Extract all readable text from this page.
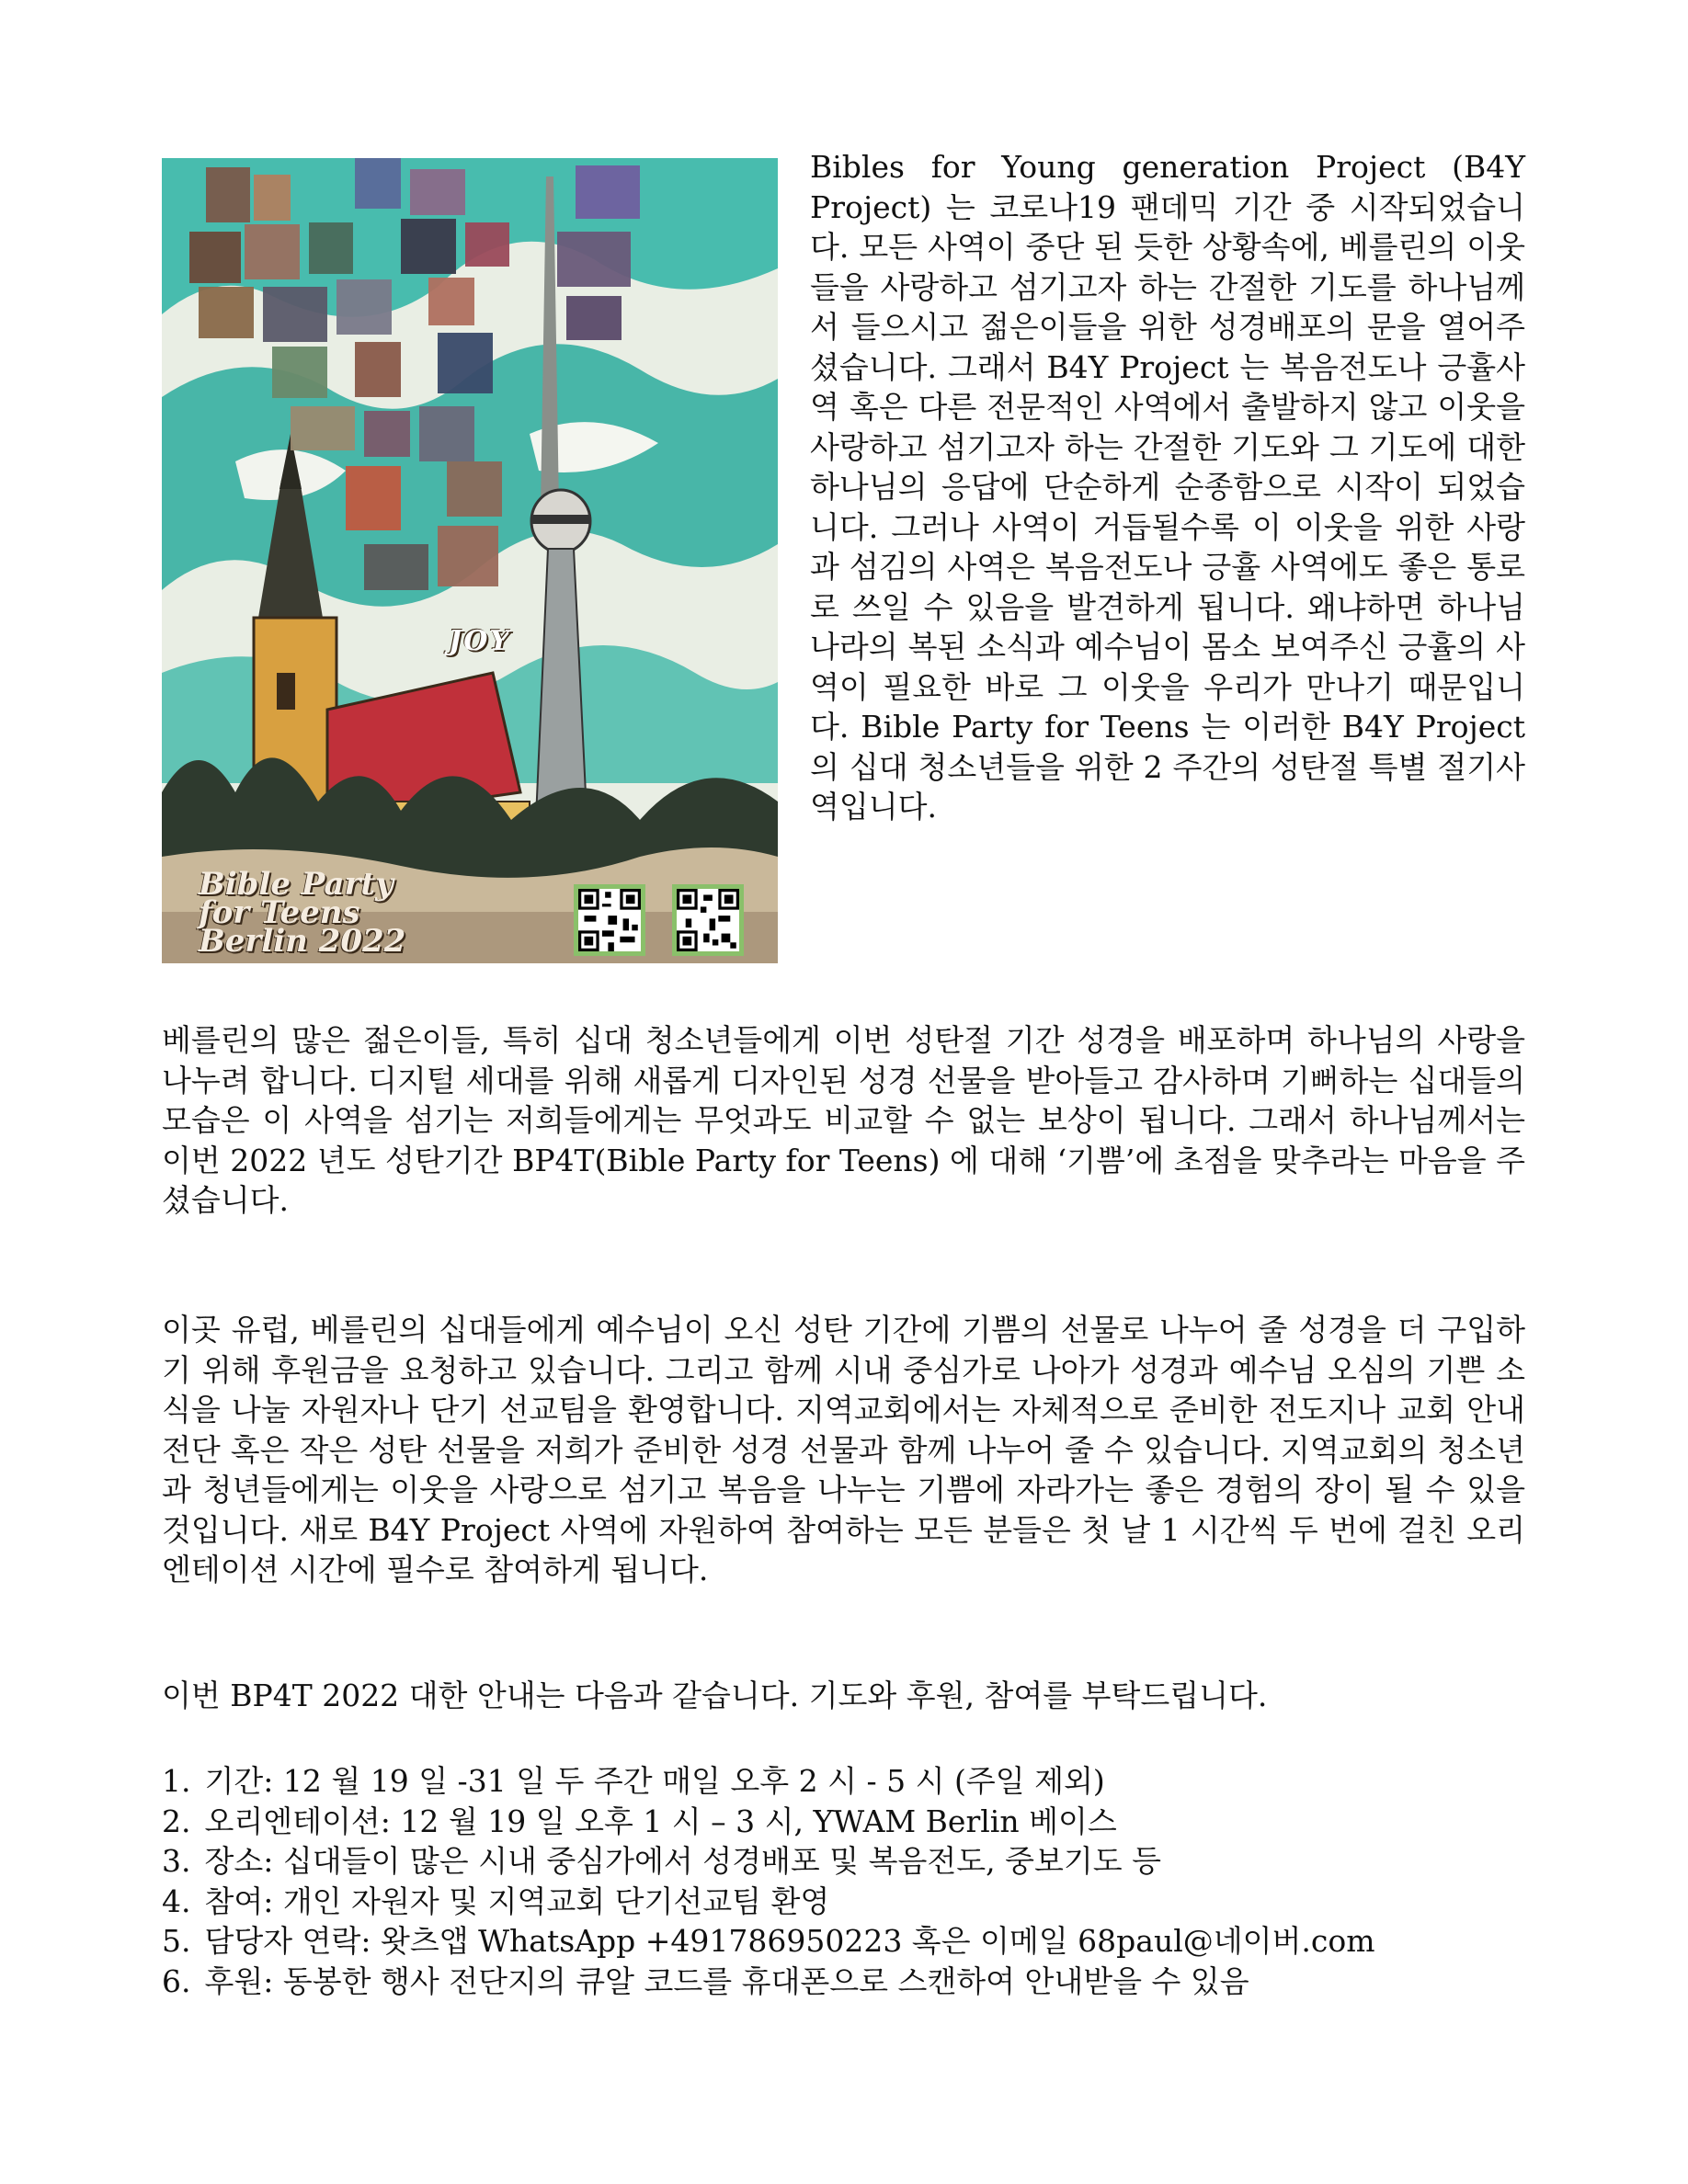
JOY
Bible Party
for Teens
Berlin 2022
Bibles for Young generation Project (B4Y Project) 는 코로나19 팬데믹 기간 중 시작되었습니다. 모든 사역이 중단 된 듯한 상황속에, 베를린의 이웃들을 사랑하고 섬기고자 하는 간절한 기도를 하나님께서 들으시고 젊은이들을 위한 성경배포의 문을 열어주셨습니다. 그래서 B4Y Project 는 복음전도나 긍휼사역 혹은 다른 전문적인 사역에서 출발하지 않고 이웃을 사랑하고 섬기고자 하는 간절한 기도와 그 기도에 대한 하나님의 응답에 단순하게 순종함으로 시작이 되었습니다. 그러나 사역이 거듭될수록 이 이웃을 위한 사랑과 섬김의 사역은 복음전도나 긍휼 사역에도 좋은 통로로 쓰일 수 있음을 발견하게 됩니다. 왜냐하면 하나님나라의 복된 소식과 예수님이 몸소 보여주신 긍휼의 사역이 필요한 바로 그 이웃을 우리가 만나기 때문입니다. Bible Party for Teens 는 이러한 B4Y Project 의 십대 청소년들을 위한 2 주간의 성탄절 특별 절기사역입니다.
베를린의 많은 젊은이들, 특히 십대 청소년들에게 이번 성탄절 기간 성경을 배포하며 하나님의 사랑을 나누려 합니다. 디지털 세대를 위해 새롭게 디자인된 성경 선물을 받아들고 감사하며 기뻐하는 십대들의 모습은 이 사역을 섬기는 저희들에게는 무엇과도 비교할 수 없는 보상이 됩니다. 그래서 하나님께서는 이번 2022 년도 성탄기간 BP4T(Bible Party for Teens) 에 대해 ‘기쁨’에 초점을 맞추라는 마음을 주셨습니다.
이곳 유럽, 베를린의 십대들에게 예수님이 오신 성탄 기간에 기쁨의 선물로 나누어 줄 성경을 더 구입하기 위해 후원금을 요청하고 있습니다. 그리고 함께 시내 중심가로 나아가 성경과 예수님 오심의 기쁜 소식을 나눌 자원자나 단기 선교팀을 환영합니다. 지역교회에서는 자체적으로 준비한 전도지나 교회 안내 전단 혹은 작은 성탄 선물을 저희가 준비한 성경 선물과 함께 나누어 줄 수 있습니다. 지역교회의 청소년과 청년들에게는 이웃을 사랑으로 섬기고 복음을 나누는 기쁨에 자라가는 좋은 경험의 장이 될 수 있을 것입니다. 새로 B4Y Project 사역에 자원하여 참여하는 모든 분들은 첫 날 1 시간씩 두 번에 걸친 오리엔테이션 시간에 필수로 참여하게 됩니다.
이번 BP4T 2022 대한 안내는 다음과 같습니다. 기도와 후원, 참여를 부탁드립니다.
1. 기간: 12 월 19 일 -31 일 두 주간 매일 오후 2 시 - 5 시 (주일 제외)
2. 오리엔테이션: 12 월 19 일 오후 1 시 – 3 시, YWAM Berlin 베이스
3. 장소: 십대들이 많은 시내 중심가에서 성경배포 및 복음전도, 중보기도 등
4. 참여: 개인 자원자 및 지역교회 단기선교팀 환영
5. 담당자 연락: 왓츠앱 WhatsApp +491786950223 혹은 이메일 68paul@네이버.com
6. 후원: 동봉한 행사 전단지의 큐알 코드를 휴대폰으로 스캔하여 안내받을 수 있음
